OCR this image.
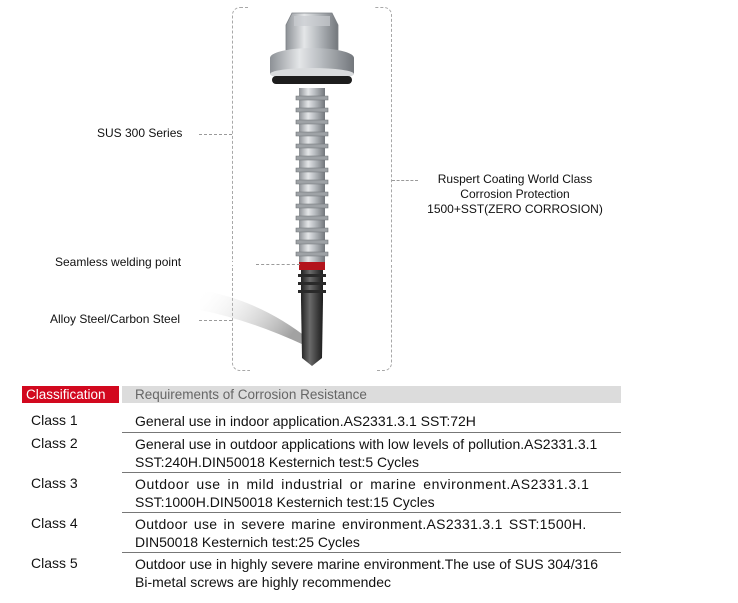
SUS 300 Series
Seamless welding point
Alloy Steel/Carbon Steel
Ruspert Coating World Class
Corrosion Protection
1500+SST(ZERO CORROSION)
Classification	Requirements of Corrosion Resistance
Class 1	General use in indoor application.AS2331.3.1 SST:72H
Class 2	General use in outdoor applications with low levels of pollution.AS2331.3.1
SST:240H.DIN50018 Kesternich test:5 Cycles
Class 3	Outdoor use in mild industrial or marine environment.AS2331.3.1
SST:1000H.DIN50018 Kesternich test:15 Cycles
Class 4	Outdoor use in severe marine environment.AS2331.3.1 SST:1500H.
DIN50018 Kesternich test:25 Cycles
Class 5	Outdoor use in highly severe marine environment.The use of SUS 304/316
Bi-metal screws are highly recommendec
